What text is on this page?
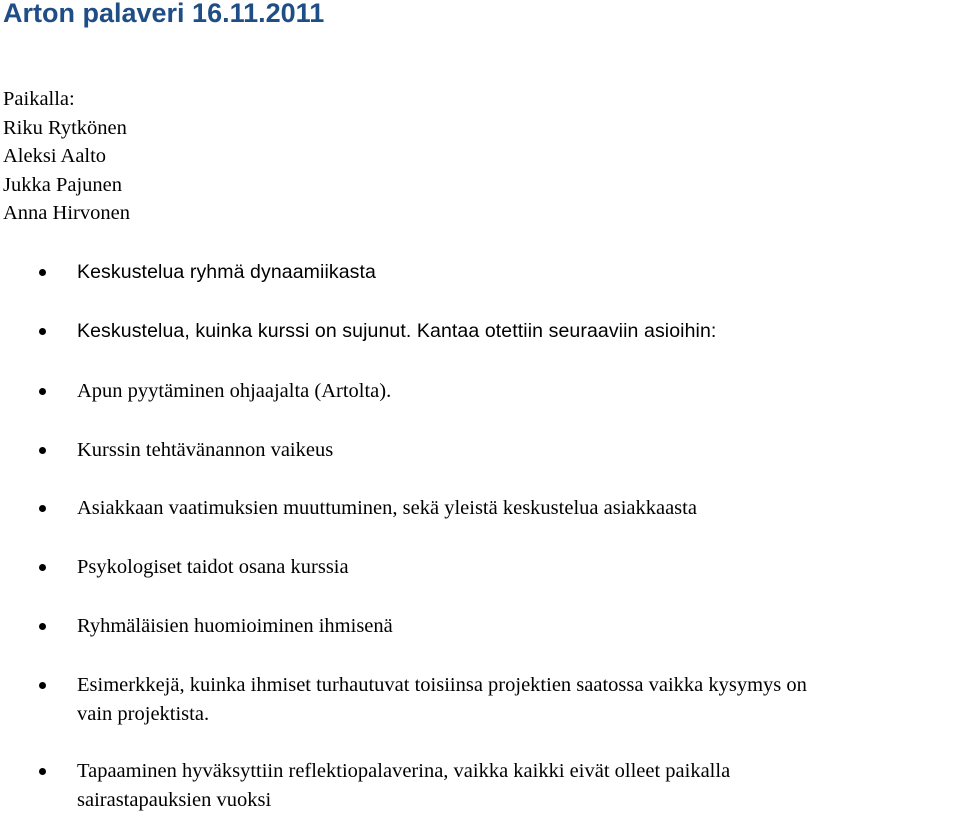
Arton palaveri 16.11.2011
Paikalla:
Riku Rytkönen
Aleksi Aalto
Jukka Pajunen
Anna Hirvonen
Keskustelua ryhmä dynaamiikasta
Keskustelua, kuinka kurssi on sujunut. Kantaa otettiin seuraaviin asioihin:
Apun pyytäminen ohjaajalta (Artolta).
Kurssin tehtävänannon vaikeus
Asiakkaan vaatimuksien muuttuminen, sekä yleistä keskustelua asiakkaasta
Psykologiset taidot osana kurssia
Ryhmäläisien huomioiminen ihmisenä
Esimerkkejä, kuinka ihmiset turhautuvat toisiinsa projektien saatossa vaikka kysymys on
vain projektista.
Tapaaminen hyväksyttiin reflektiopalaverina, vaikka kaikki eivät olleet paikalla
sairastapauksien vuoksi
